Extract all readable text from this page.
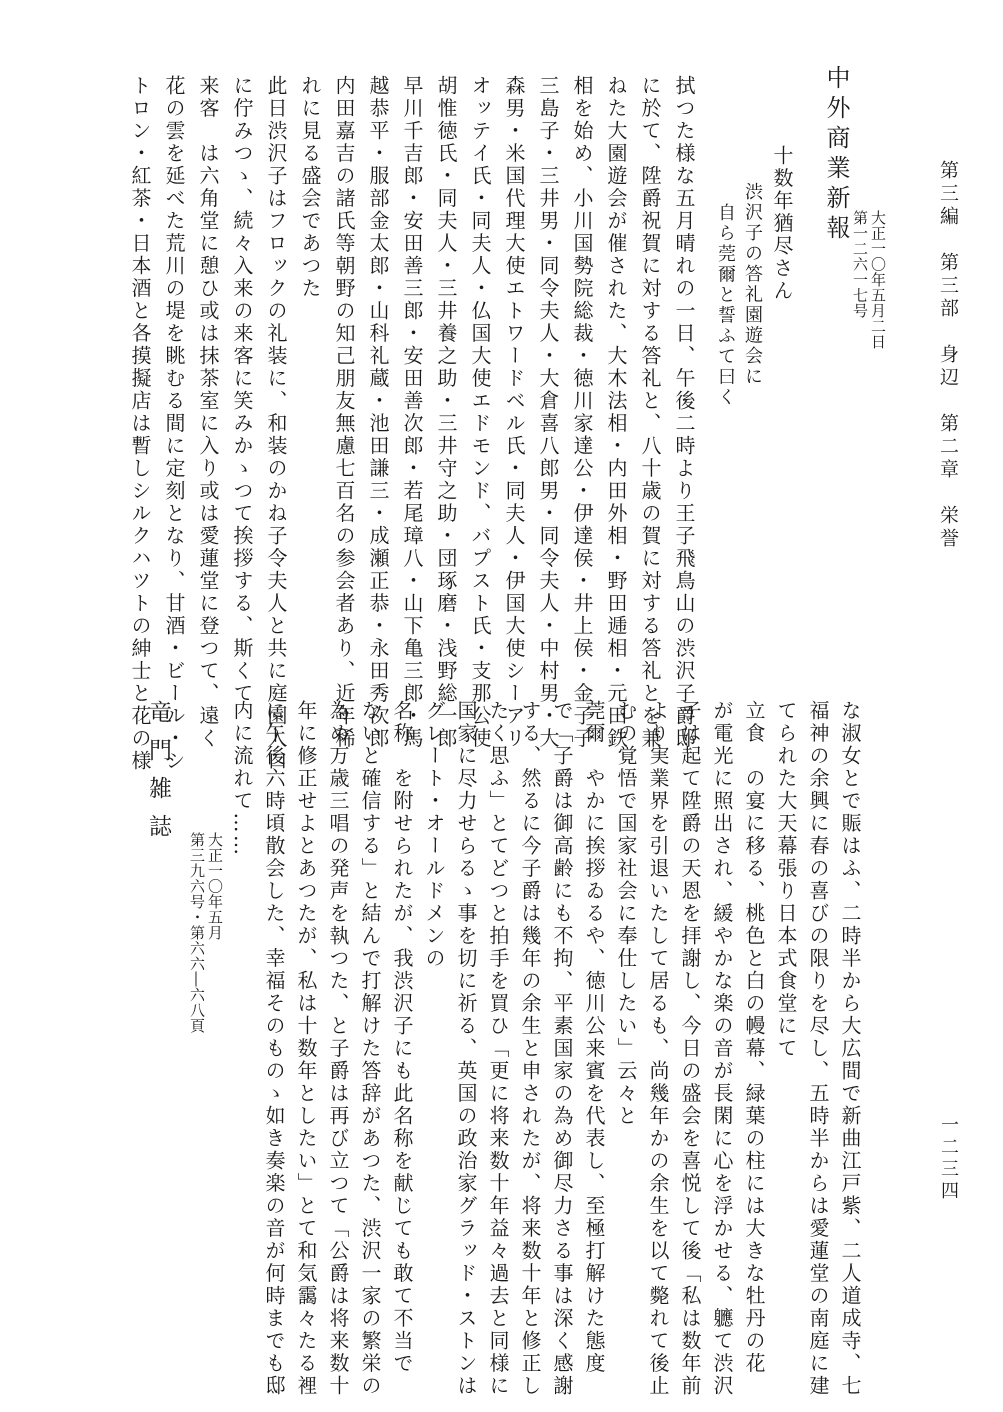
第三編　第三部　身辺　第二章　栄誉
一二三四
中外商業新報
第一二六一七号 大正一〇年五月二日
十数年猶尽さん
渋沢子の答礼園遊会に
自ら莞爾と誓ふて曰く
拭つた様な五月晴れの一日、午後二時より王子飛鳥山の渋沢子爵邸
に於て、陞爵祝賀に対する答礼と、八十歳の賀に対する答礼とを兼
ねた大園遊会が催された、大木法相・内田外相・野田逓相・元田鉄
相を始め、小川国勢院総裁・徳川家達公・伊達侯・井上侯・金子子
三島子・三井男・同令夫人・大倉喜八郎男・同令夫人・中村男・大
森男・米国代理大使エトワードベル氏・同夫人・伊国大使シーアリ
オッテイ氏・同夫人・仏国大使エドモンド、バプスト氏・支那公使
胡惟徳氏・同夫人・三井養之助・三井守之助・団琢磨・浅野総一郎
早川千吉郎・安田善三郎・安田善次郎・若尾璋八・山下亀三郎・馬
越恭平・服部金太郎・山科礼蔵・池田謙三・成瀬正恭・永田秀次郎
内田嘉吉の諸氏等朝野の知己朋友無慮七百名の参会者あり、近年稀
れに見る盛会であつた
此日渋沢子はフロックの礼装に、和装のかね子令夫人と共に庭園入口
に佇みつゝ、続々入来の来客に笑みかゝつて挨拶する、斯くて
来客　は六角堂に憩ひ或は抹茶室に入り或は愛蓮堂に登つて、遠く
花の雲を延べた荒川の堤を眺むる間に定刻となり、甘酒・ビール・シ
トロン・紅茶・日本酒と各摸擬店は暫しシルクハツトの紳士と花の様
な淑女とで賑はふ、二時半から大広間で新曲江戸紫、二人道成寺、七
福神の余興に春の喜びの限りを尽し、五時半からは愛蓮堂の南庭に建
てられた大天幕張り日本式食堂にて
立食　の宴に移る、桃色と白の幔幕、緑葉の柱には大きな牡丹の花
が電光に照出され、緩やかな楽の音が長閑に心を浮かせる、軈て渋沢
子は起て陞爵の天恩を拝謝し、今日の盛会を喜悦して後「私は数年前
より実業界を引退いたして居るも、尚幾年かの余生を以て斃れて後止
むの覚悟で国家社会に奉仕したい」云々と
莞爾　やかに挨拶ゐるや、徳川公来賓を代表し、至極打解けた態度
で「子爵は御高齢にも不拘、平素国家の為め御尽力さる事は深く感謝
する、然るに今子爵は幾年の余生と申されたが、将来数十年と修正し
たく思ふ」とてどつと拍手を買ひ「更に将来数十年益々過去と同様に
国家に尽力せらるゝ事を切に祈る、英国の政治家グラッド・ストンは
グレート・オールドメンの
名称　を附せられたが、我渋沢子にも此名称を献じても敢て不当で
ないと確信する」と結んで打解けた答辞があつた、渋沢一家の繁栄の
為め万歳三唱の発声を執つた、と子爵は再び立つて「公爵は将来数十
年に修正せよとあつたが、私は十数年としたい」とて和気靄々たる裡
に午後六時頃散会した、幸福そのものゝ如き奏楽の音が何時までも邸
内に流れて……
竜門雑誌
第三九六号・第六六―六八頁 大正一〇年五月
